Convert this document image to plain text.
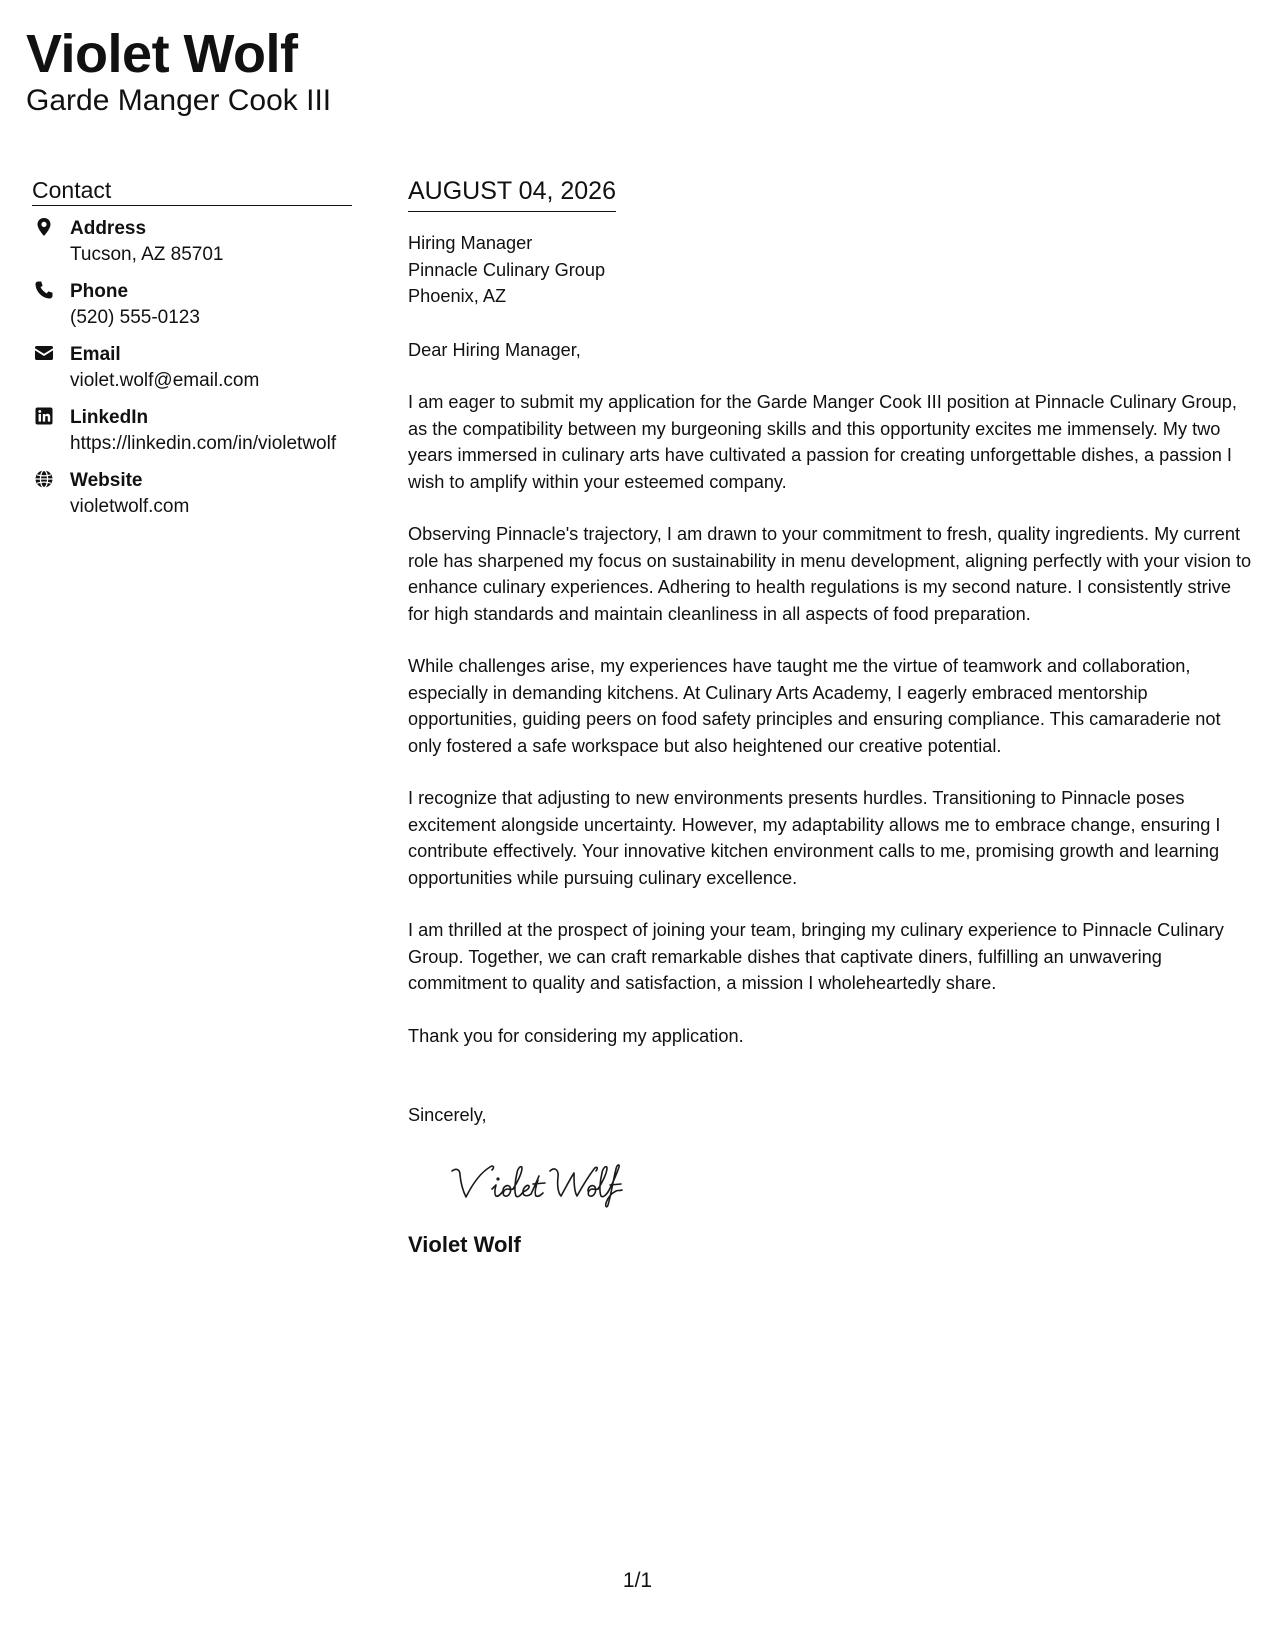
Violet Wolf
Garde Manger Cook III
Contact
Address
Tucson, AZ 85701
Phone
(520) 555-0123
Email
violet.wolf@email.com
LinkedIn
https://linkedin.com/in/violetwolf
Website
violetwolf.com
AUGUST 04, 2026
Hiring Manager
Pinnacle Culinary Group
Phoenix, AZ
Dear Hiring Manager,

I am eager to submit my application for the Garde Manger Cook III position at Pinnacle Culinary Group, as the compatibility between my burgeoning skills and this opportunity excites me immensely. My two years immersed in culinary arts have cultivated a passion for creating unforgettable dishes, a passion I wish to amplify within your esteemed company.

Observing Pinnacle's trajectory, I am drawn to your commitment to fresh, quality ingredients. My current role has sharpened my focus on sustainability in menu development, aligning perfectly with your vision to enhance culinary experiences. Adhering to health regulations is my second nature. I consistently strive for high standards and maintain cleanliness in all aspects of food preparation.

While challenges arise, my experiences have taught me the virtue of teamwork and collaboration, especially in demanding kitchens. At Culinary Arts Academy, I eagerly embraced mentorship opportunities, guiding peers on food safety principles and ensuring compliance. This camaraderie not only fostered a safe workspace but also heightened our creative potential.

I recognize that adjusting to new environments presents hurdles. Transitioning to Pinnacle poses excitement alongside uncertainty. However, my adaptability allows me to embrace change, ensuring I contribute effectively. Your innovative kitchen environment calls to me, promising growth and learning opportunities while pursuing culinary excellence.

I am thrilled at the prospect of joining your team, bringing my culinary experience to Pinnacle Culinary Group. Together, we can craft remarkable dishes that captivate diners, fulfilling an unwavering commitment to quality and satisfaction, a mission I wholeheartedly share.

Thank you for considering my application.

Sincerely,
Violet Wolf
1/1
